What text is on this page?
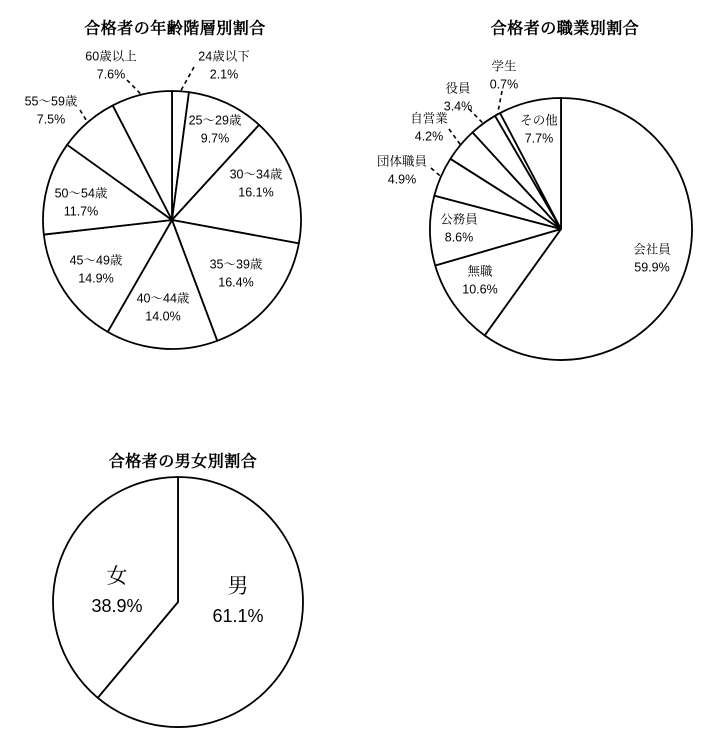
合格者の年齢階層別割合	合格者の職業別割合
合格者の男女別割合
24歳以下
2.1%
25〜29歳
9.7%
30〜34歳
16.1%
35〜39歳
16.4%
40〜44歳
14.0%
45〜49歳
14.9%
50〜54歳
11.7%
55〜59歳
7.5%
60歳以上
7.6%
会社員
59.9%
無職
10.6%
公務員
8.6%
団体職員
4.9%
自営業
4.2%
役員
3.4%
学生
0.7%
その他
7.7%
男
61.1%
女
38.9%
